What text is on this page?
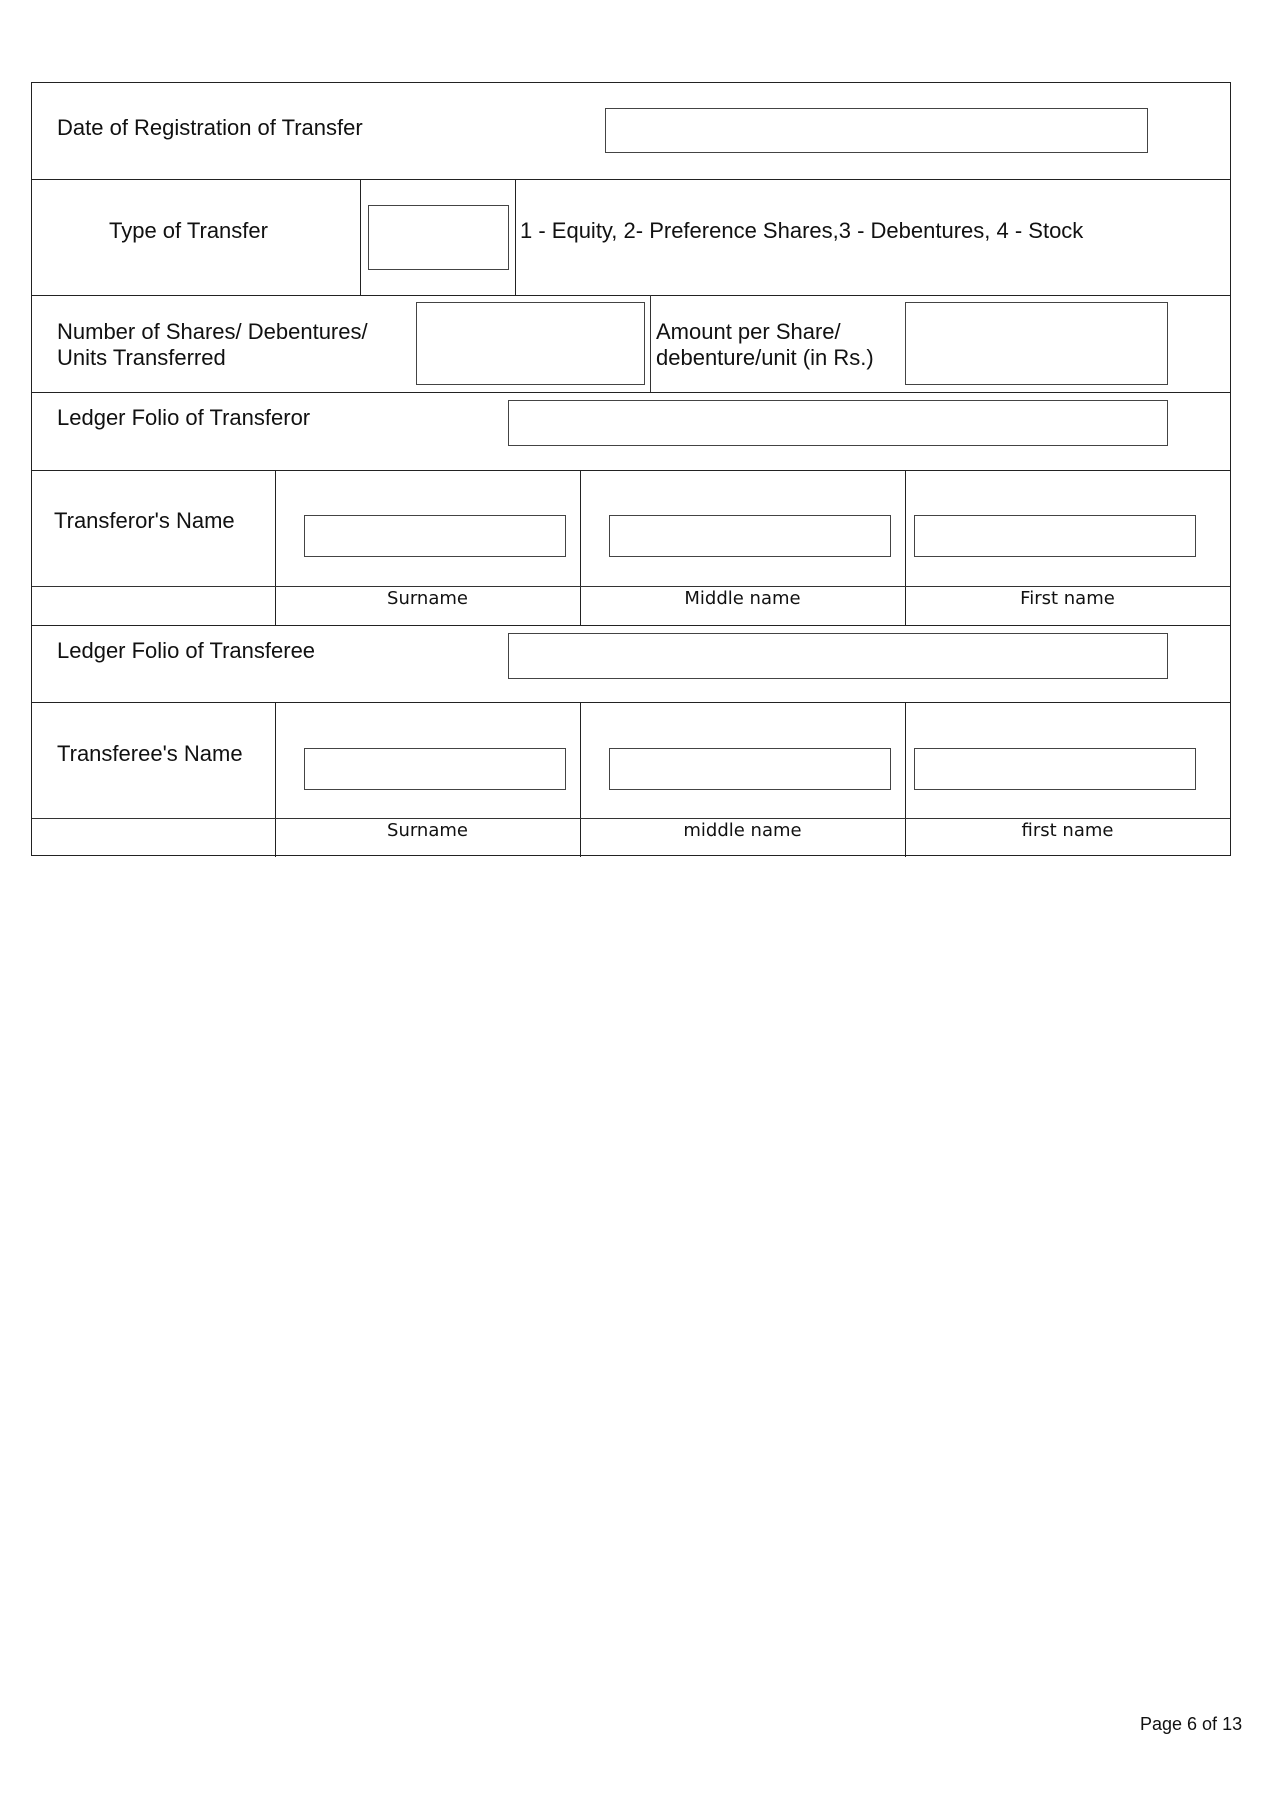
Date of Registration of Transfer
Type of Transfer	1 - Equity, 2- Preference Shares,3 - Debentures, 4 - Stock
Number of Shares/ Debentures/
Units Transferred
Amount per Share/
debenture/unit (in Rs.)
Ledger Folio of Transferor
Transferor's Name
Surname	Middle name	First name
Ledger Folio of Transferee
Transferee's Name
Surname	middle name	first name
Page 6 of 13
